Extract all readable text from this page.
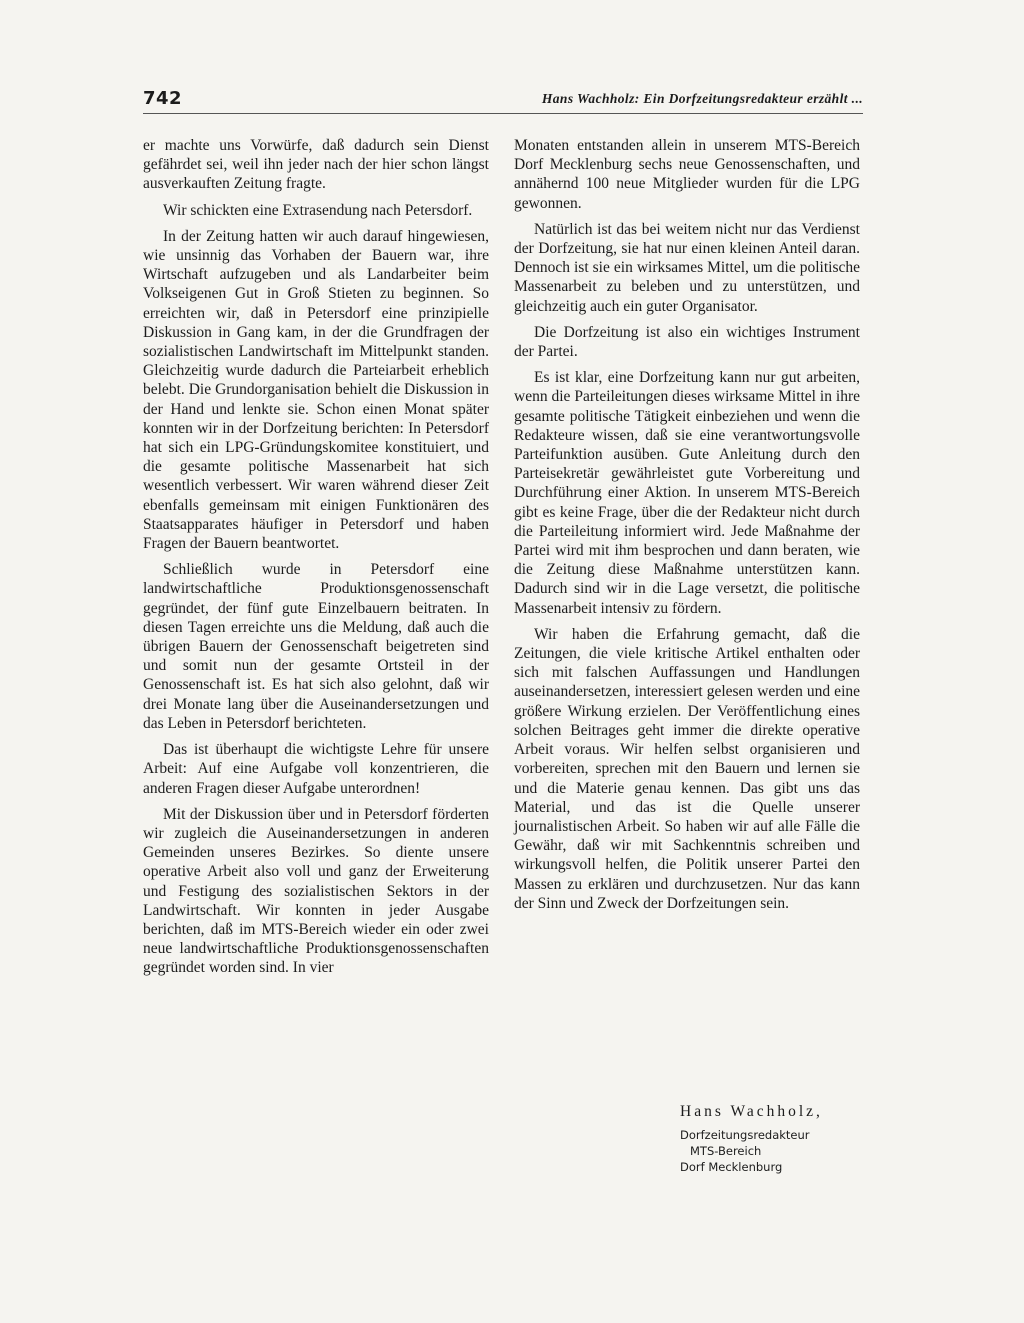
742	Hans Wachholz: Ein Dorfzeitungsredakteur erzählt ...

er machte uns Vorwürfe, daß dadurch sein Dienst gefährdet sei, weil ihn jeder nach der hier schon längst ausverkauften Zeitung fragte.

Wir schickten eine Extrasendung nach Petersdorf.

In der Zeitung hatten wir auch darauf hingewiesen, wie unsinnig das Vorhaben der Bauern war, ihre Wirtschaft aufzugeben und als Landarbeiter beim Volkseigenen Gut in Groß Stieten zu beginnen. So erreichten wir, daß in Petersdorf eine prinzipielle Diskussion in Gang kam, in der die Grundfragen der sozialistischen Landwirtschaft im Mittelpunkt standen. Gleichzeitig wurde dadurch die Parteiarbeit erheblich belebt. Die Grundorganisation behielt die Diskussion in der Hand und lenkte sie. Schon einen Monat später konnten wir in der Dorfzeitung berichten: In Petersdorf hat sich ein LPG-Gründungskomitee konstituiert, und die gesamte politische Massenarbeit hat sich wesentlich verbessert. Wir waren während dieser Zeit ebenfalls gemeinsam mit einigen Funktionären des Staatsapparates häufiger in Petersdorf und haben Fragen der Bauern beantwortet.

Schließlich wurde in Petersdorf eine landwirtschaftliche Produktionsgenossenschaft gegründet, der fünf gute Einzelbauern beitraten. In diesen Tagen erreichte uns die Meldung, daß auch die übrigen Bauern der Genossenschaft beigetreten sind und somit nun der gesamte Ortsteil in der Genossenschaft ist. Es hat sich also gelohnt, daß wir drei Monate lang über die Auseinandersetzungen und das Leben in Petersdorf berichteten.

Das ist überhaupt die wichtigste Lehre für unsere Arbeit: Auf eine Aufgabe voll konzentrieren, die anderen Fragen dieser Aufgabe unterordnen!

Mit der Diskussion über und in Petersdorf förderten wir zugleich die Auseinandersetzungen in anderen Gemeinden unseres Bezirkes. So diente unsere operative Arbeit also voll und ganz der Erweiterung und Festigung des sozialistischen Sektors in der Landwirtschaft. Wir konnten in jeder Ausgabe berichten, daß im MTS-Bereich wieder ein oder zwei neue landwirtschaftliche Produktionsgenossenschaften gegründet worden sind. In vier

Monaten entstanden allein in unserem MTS-Bereich Dorf Mecklenburg sechs neue Genossenschaften, und annähernd 100 neue Mitglieder wurden für die LPG gewonnen.

Natürlich ist das bei weitem nicht nur das Verdienst der Dorfzeitung, sie hat nur einen kleinen Anteil daran. Dennoch ist sie ein wirksames Mittel, um die politische Massenarbeit zu beleben und zu unterstützen, und gleichzeitig auch ein guter Organisator.

Die Dorfzeitung ist also ein wichtiges Instrument der Partei.

Es ist klar, eine Dorfzeitung kann nur gut arbeiten, wenn die Parteileitungen dieses wirksame Mittel in ihre gesamte politische Tätigkeit einbeziehen und wenn die Redakteure wissen, daß sie eine verantwortungsvolle Parteifunktion ausüben. Gute Anleitung durch den Parteisekretär gewährleistet gute Vorbereitung und Durchführung einer Aktion. In unserem MTS-Bereich gibt es keine Frage, über die der Redakteur nicht durch die Parteileitung informiert wird. Jede Maßnahme der Partei wird mit ihm besprochen und dann beraten, wie die Zeitung diese Maßnahme unterstützen kann. Dadurch sind wir in die Lage versetzt, die politische Massenarbeit intensiv zu fördern.

Wir haben die Erfahrung gemacht, daß die Zeitungen, die viele kritische Artikel enthalten oder sich mit falschen Auffassungen und Handlungen auseinandersetzen, interessiert gelesen werden und eine größere Wirkung erzielen. Der Veröffentlichung eines solchen Beitrages geht immer die direkte operative Arbeit voraus. Wir helfen selbst organisieren und vorbereiten, sprechen mit den Bauern und lernen sie und die Materie genau kennen. Das gibt uns das Material, und das ist die Quelle unserer journalistischen Arbeit. So haben wir auf alle Fälle die Gewähr, daß wir mit Sachkenntnis schreiben und wirkungsvoll helfen, die Politik unserer Partei den Massen zu erklären und durchzusetzen. Nur das kann der Sinn und Zweck der Dorfzeitungen sein.

Hans Wachholz,

Dorfzeitungsredakteur

MTS-Bereich

Dorf Mecklenburg
